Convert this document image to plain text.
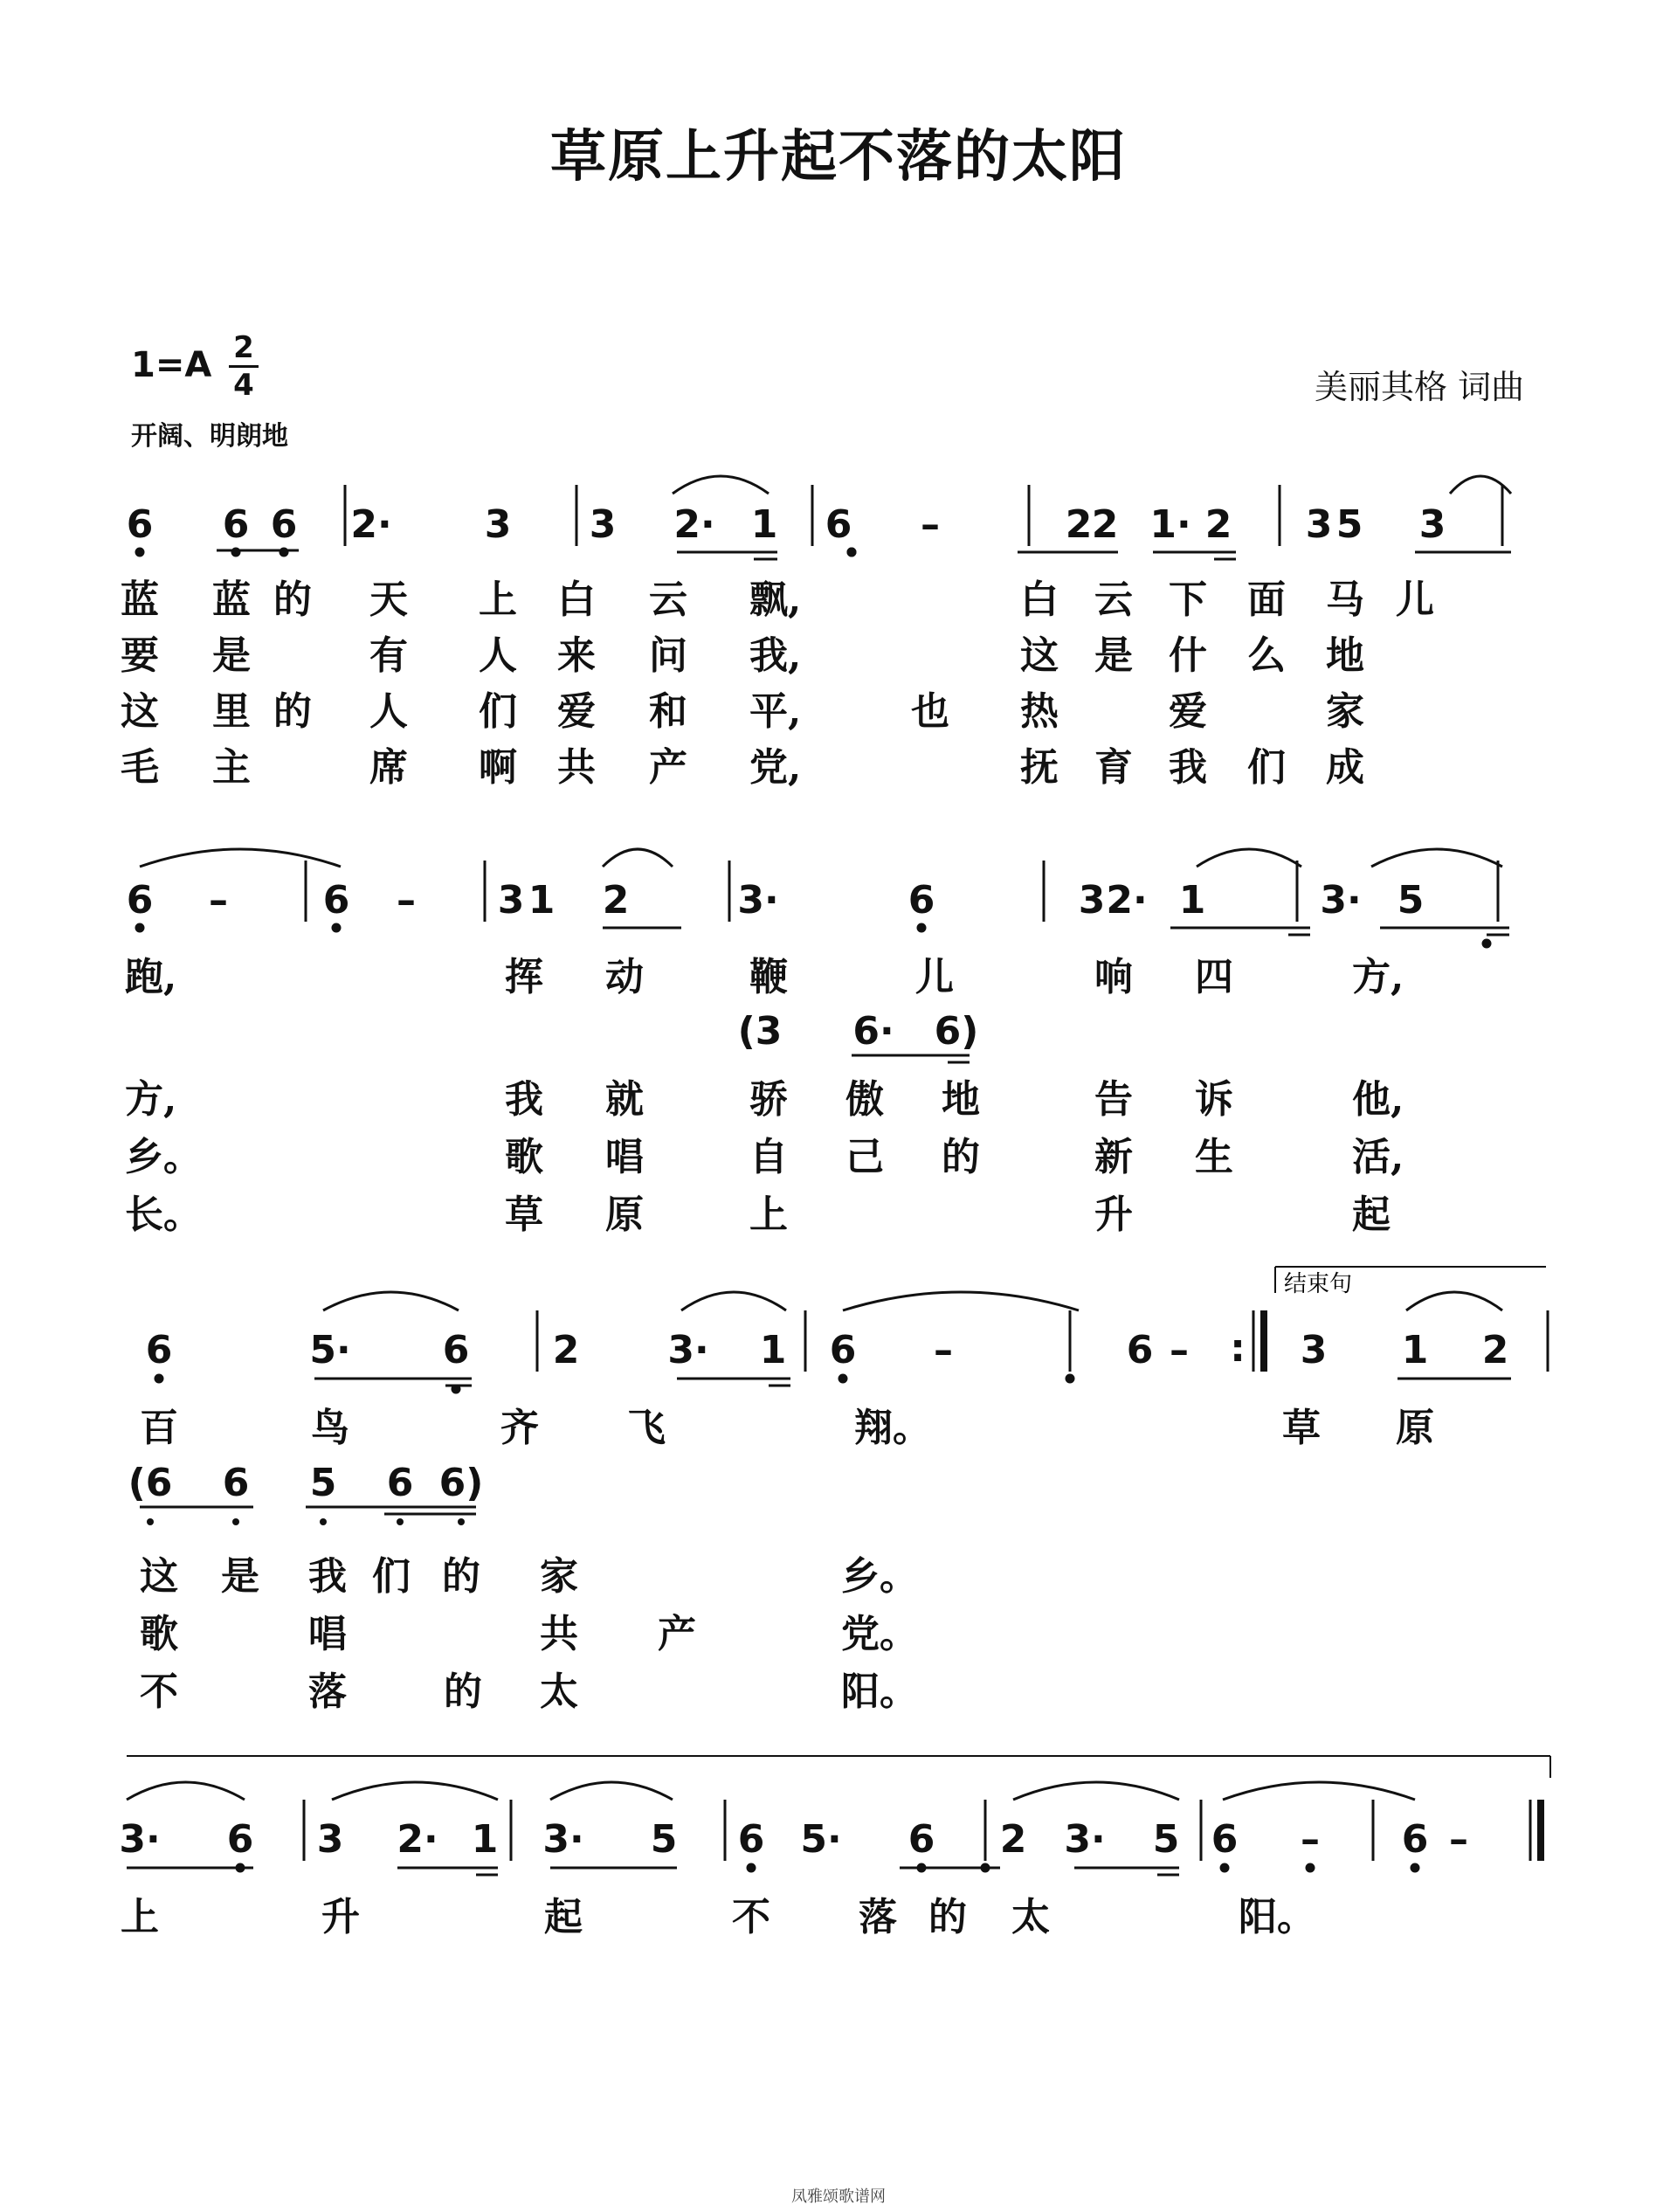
草原上升起不落的太阳
1=A 2
4
开阔、明朗地
美丽其格 词曲
6 6 6 2· 3 3 2· 1 6 –	2 2 1· 2 3 5 3
6 – 6 – 3 1 2	3·	6	3 2· 1	3· 5
6	5· 6 2 3· 1 6 –	6 – : 3 1 2
3· 6 3 2· 1 3· 5 6 5· 6 2 3· 5 6 – 6 –
(3 6· 6)
(6 6 5 6 6)
结束句
蓝 蓝 的 天 上 白 云 飘,	白 云 下 面 马 儿
要 是	有 人 来 问 我,	这 是 什 么 地
这 里 的 人 们 爱 和 平,	也 热	爱	家
毛 主	席 啊 共 产 党,	抚 育 我 们 成
跑,	挥 动	鞭	儿	响 四	方,
方,	我 就	骄 傲 地	告 诉	他,
乡。	歌 唱	自 己 的	新 生	活,
长。	草 原	上	升	起
百	鸟	齐 飞	翔。	草 原
这 是 我 们 的 家	乡。
歌	唱	共 产	党。
不	落	的 太	阳。
上	升	起	不 落 的 太	阳。
凤雅颂歌谱网
